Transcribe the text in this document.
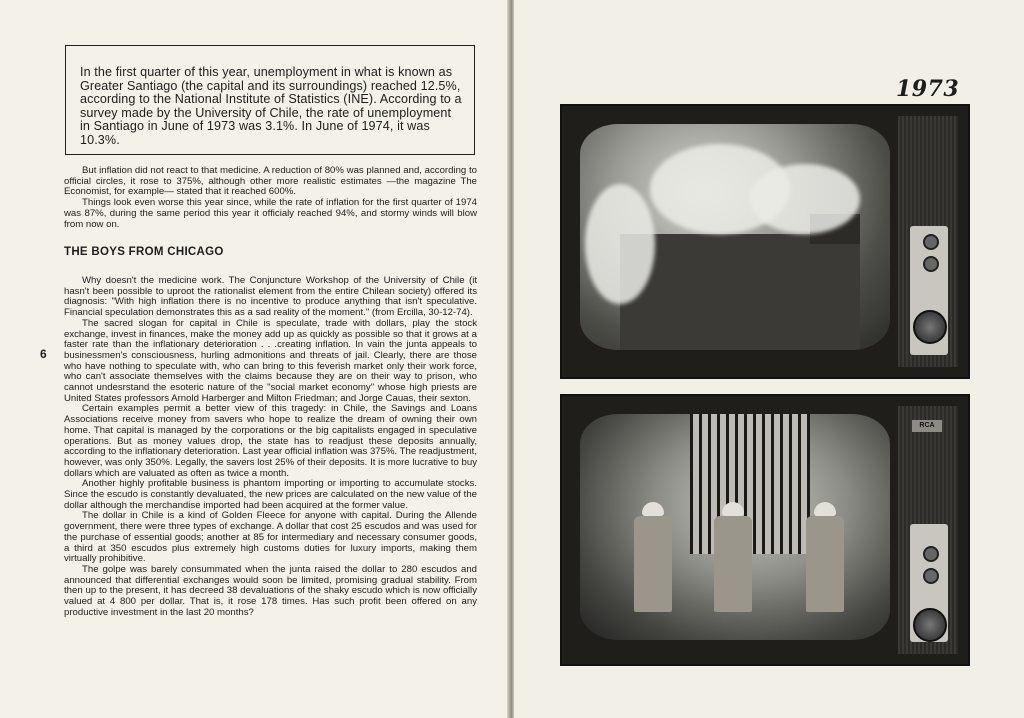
In the first quarter of this year, unemployment in what is known as Greater Santiago (the capital and its surroundings) reached 12.5%, according to the National Institute of Statistics (INE). According to a survey made by the University of Chile, the rate of unemployment in Santiago in June of 1973 was 3.1%. In June of 1974, it was 10.3%.

But inflation did not react to that medicine. A reduction of 80% was planned and, according to official circles, it rose to 375%, although other more realistic estimates —the magazine The Economist, for example— stated that it reached 600%.

Things look even worse this year since, while the rate of inflation for the first quarter of 1974 was 87%, during the same period this year it officialy reached 94%, and stormy winds will blow from now on.

THE BOYS FROM CHICAGO
6

Why doesn't the medicine work. The Conjuncture Workshop of the University of Chile (it hasn't been possible to uproot the rationalist element from the entire Chilean society) offered its diagnosis: "With high inflation there is no incentive to produce anything that isn't speculative. Financial speculation demonstrates this as a sad reality of the moment." (from Ercilla, 30-12-74).

The sacred slogan for capital in Chile is speculate, trade with dollars, play the stock exchange, invest in finances, make the money add up as quickly as possible so that it grows at a faster rate than the inflationary deterioration . . .creating inflation. In vain the junta appeals to businessmen's consciousness, hurling admonitions and threats of jail. Clearly, there are those who have nothing to speculate with, who can bring to this feverish market only their work force, who can't associate themselves with the claims because they are on their way to prison, who cannot undesrstand the esoteric nature of the "social market economy" whose high priests are United States professors Arnold Harberger and Milton Friedman; and Jorge Cauas, their sexton.

Certain examples permit a better view of this tragedy: in Chile, the Savings and Loans Associations receive money from savers who hope to realize the dream of owning their own home. That capital is managed by the corporations or the big capitalists engaged in speculative operations. But as money values drop, the state has to readjust these deposits annually, according to the inflationary deterioration. Last year official inflation was 375%. The readjustment, however, was only 350%. Legally, the savers lost 25% of their deposits. It is more lucrative to buy dollars which are valuated as often as twice a month.

Another highly profitable business is phantom importing or importing to accumulate stocks. Since the escudo is constantly devaluated, the new prices are calculated on the new value of the dollar although the merchandise imported had been acquired at the former value.

The dollar in Chile is a kind of Golden Fleece for anyone with capital. During the Allende government, there were three types of exchange. A dollar that cost 25 escudos and was used for the purchase of essential goods; another at 85 for intermediary and necessary consumer goods, a third at 350 escudos plus extremely high customs duties for luxury imports, making them virtually prohibitive.

The golpe was barely consummated when the junta raised the dollar to 280 escudos and announced that differential exchanges would soon be limited, promising gradual stability. From then up to the present, it has decreed 38 devaluations of the shaky escudo which is now officially valued at 4 800 per dollar. That is, it rose 178 times. Has such profit been offered on any productive investment in the last 20 months?

1973
RCA
